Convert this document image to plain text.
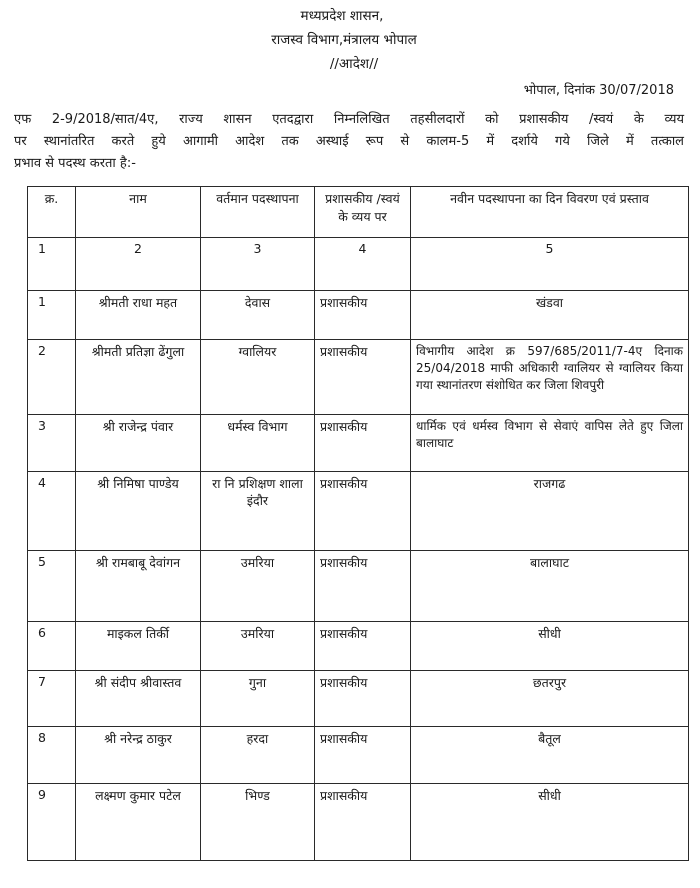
मध्यप्रदेश शासन,
राजस्व विभाग,मंत्रालय भोपाल
//आदेश//
भोपाल, दिनांक 30/07/2018

एफ 2-9/2018/सात/4ए, राज्य शासन एतदद्वारा निम्नलिखित तहसीलदारों को प्रशासकीय /स्वयं के व्यय
पर स्थानांतरित करते हुये आगामी आदेश तक अस्थाई रूप से कालम-5 में दर्शाये गये जिले में तत्काल
प्रभाव से पदस्थ करता है:-

क्र.	नाम	वर्तमान पदस्थापना	प्रशासकीय /स्वयं के व्यय पर	नवीन पदस्थापना का दिन विवरण एवं प्रस्ताव
1	2	3	4	5
1	श्रीमती राधा महत	देवास	प्रशासकीय	खंडवा
2	श्रीमती प्रतिज्ञा ढेंगुला	ग्वालियर	प्रशासकीय	विभागीय आदेश क्र 597/685/2011/7-4ए दिनाक 25/04/2018 माफी अधिकारी ग्वालियर से ग्वालियर किया गया स्थानांतरण संशोधित कर जिला शिवपुरी
3	श्री राजेन्द्र पंवार	धर्मस्व विभाग	प्रशासकीय	धार्मिक एवं धर्मस्व विभाग से सेवाएं वापिस लेते हुए जिला बालाघाट
4	श्री निमिषा पाण्डेय	रा नि प्रशिक्षण शाला इंदौर	प्रशासकीय	राजगढ
5	श्री रामबाबू देवांगन	उमरिया	प्रशासकीय	बालाघाट
6	माइकल तिर्की	उमरिया	प्रशासकीय	सीधी
7	श्री संदीप श्रीवास्तव	गुना	प्रशासकीय	छतरपुर
8	श्री नरेन्द्र ठाकुर	हरदा	प्रशासकीय	बैतूल
9	लक्ष्मण कुमार पटेल	भिण्ड	प्रशासकीय	सीधी
